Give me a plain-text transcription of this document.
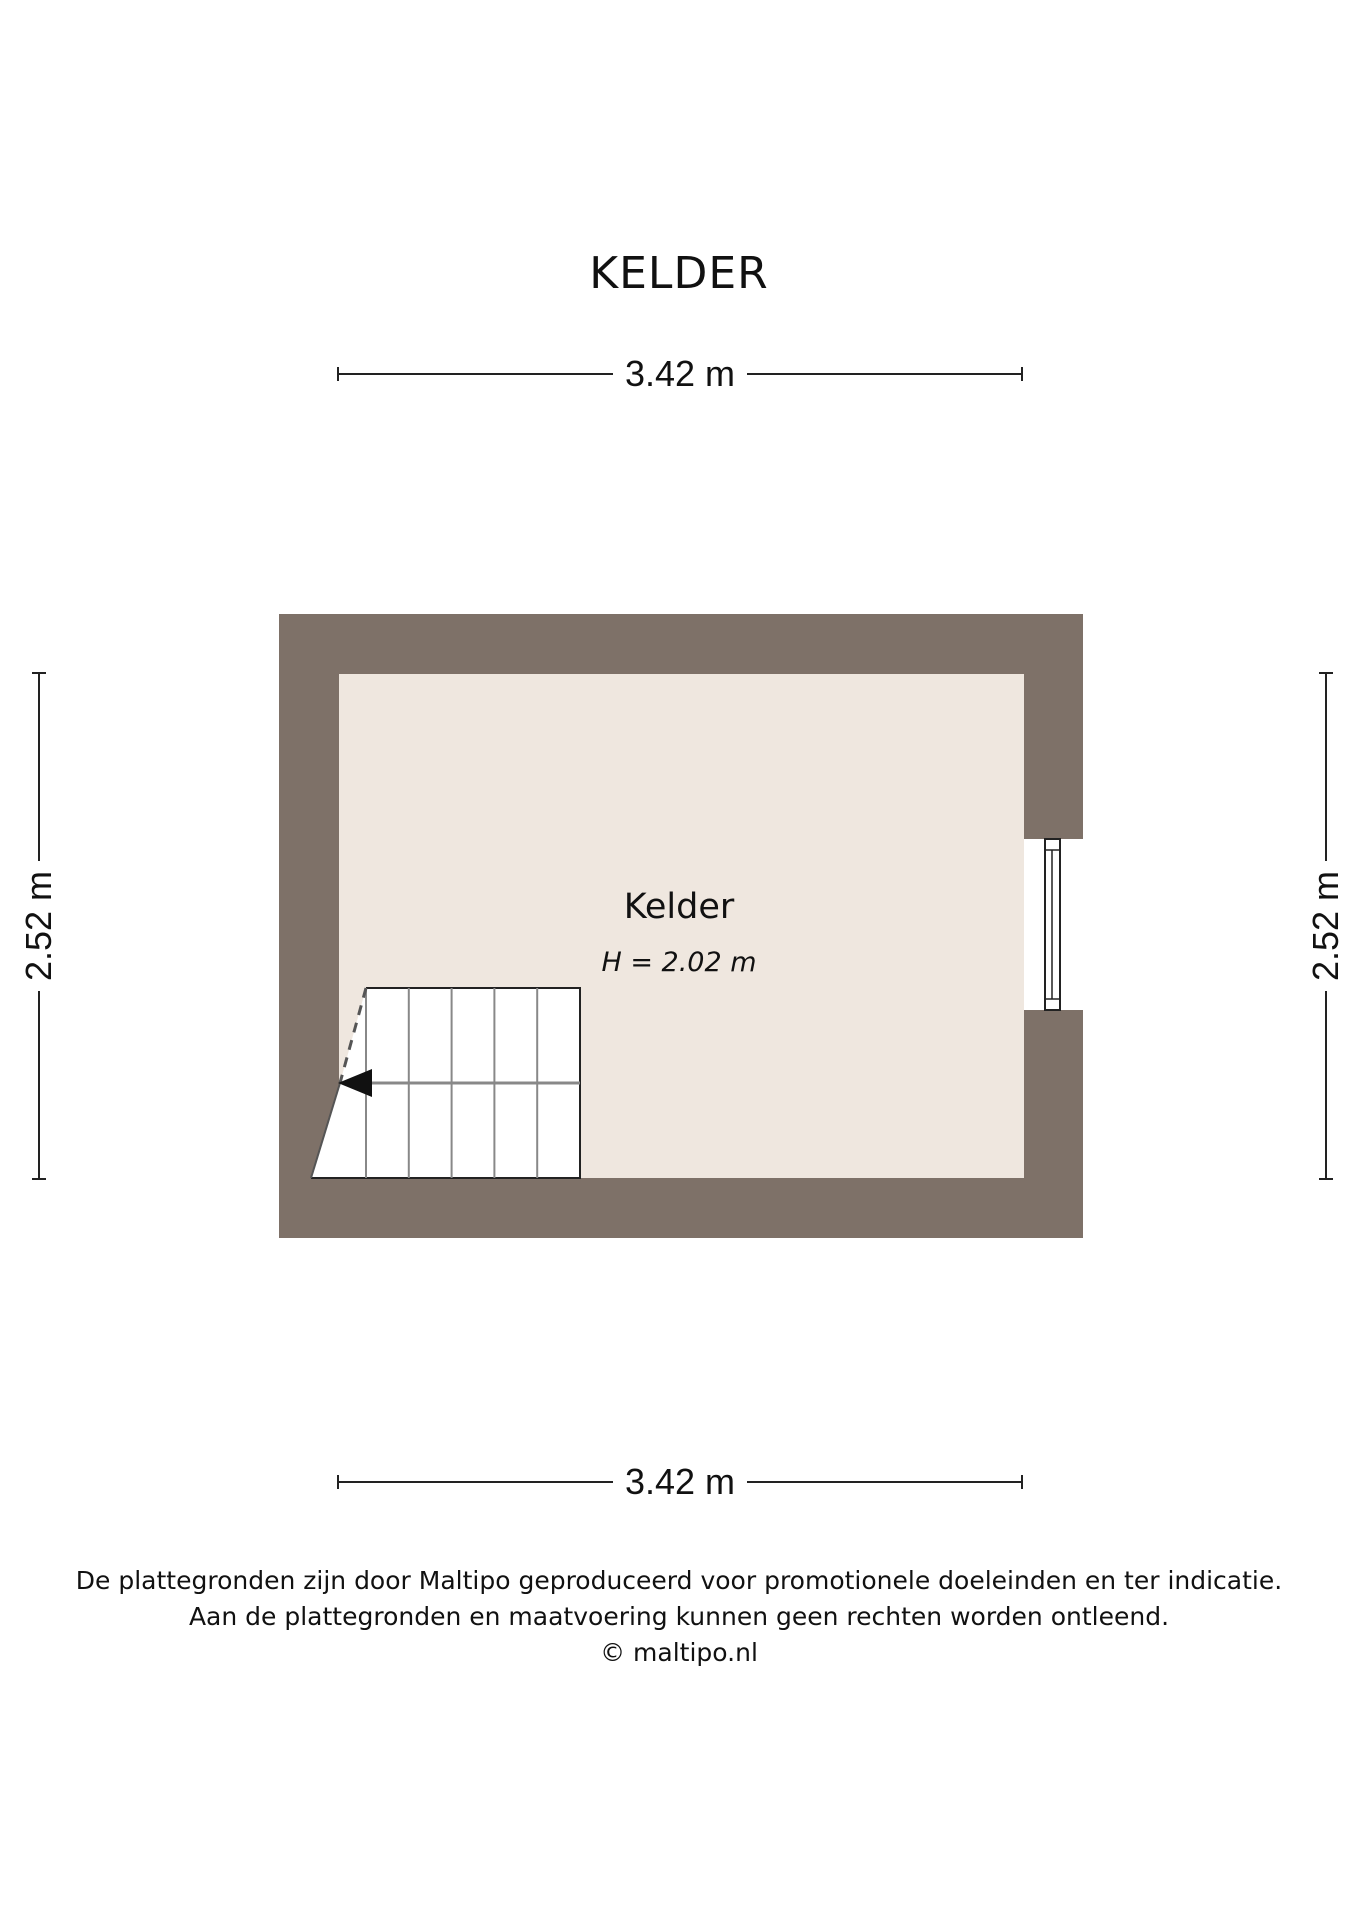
KELDER
3.42 m
3.42 m
2.52 m	2.52 m
Kelder
H = 2.02 m
De plattegronden zijn door Maltipo geproduceerd voor promotionele doeleinden en ter indicatie.
Aan de plattegronden en maatvoering kunnen geen rechten worden ontleend.
© maltipo.nl
